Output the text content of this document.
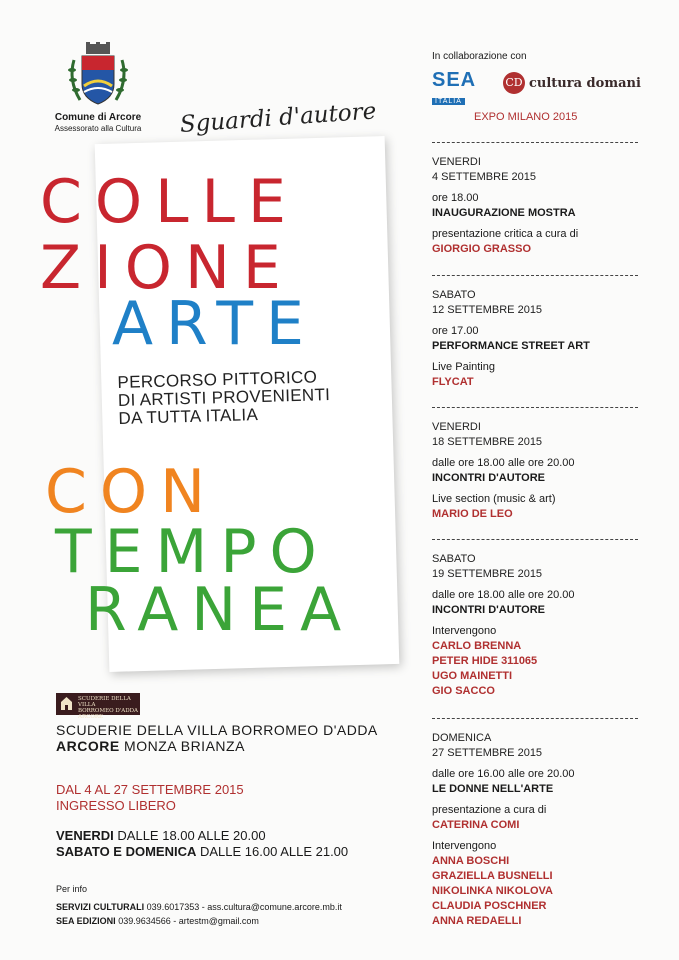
Comune di Arcore
Assessorato alla Cultura Sguardi d'autore
COLLE
ZIONE
ARTE
PERCORSO PITTORICO
DI ARTISTI PROVENIENTI
DA TUTTA ITALIA
CON
TEMPO
RANEA
SCUDERIE DELLA VILLA
BORROMEO D'ADDA
ARCORE
SCUDERIE DELLA VILLA BORROMEO D'ADDA
ARCORE MONZA BRIANZA
DAL 4 AL 27 SETTEMBRE 2015
INGRESSO LIBERO
VENERDI DALLE 18.00 ALLE 20.00
SABATO E DOMENICA DALLE 16.00 ALLE 21.00
Per info
SERVIZI CULTURALI 039.6017353 - ass.cultura@comune.arcore.mb.it
SEA EDIZIONI 039.9634566 - artestm@gmail.com
In collaborazione con
SEA
ITALIA
CD cultura domani
EXPO MILANO 2015
VENERDI
4 SETTEMBRE 2015
ore 18.00
INAUGURAZIONE MOSTRA
presentazione critica a cura di
GIORGIO GRASSO
SABATO
12 SETTEMBRE 2015
ore 17.00
PERFORMANCE STREET ART
Live Painting
FLYCAT
VENERDI
18 SETTEMBRE 2015
dalle ore 18.00 alle ore 20.00
INCONTRI D'AUTORE
Live section (music & art)
MARIO DE LEO
SABATO
19 SETTEMBRE 2015
dalle ore 18.00 alle ore 20.00
INCONTRI D'AUTORE
Intervengono
CARLO BRENNA
PETER HIDE 311065
UGO MAINETTI
GIO SACCO
DOMENICA
27 SETTEMBRE 2015
dalle ore 16.00 alle ore 20.00
LE DONNE NELL'ARTE
presentazione a cura di
CATERINA COMI
Intervengono
ANNA BOSCHI
GRAZIELLA BUSNELLI
NIKOLINKA NIKOLOVA
CLAUDIA POSCHNER
ANNA REDAELLI
